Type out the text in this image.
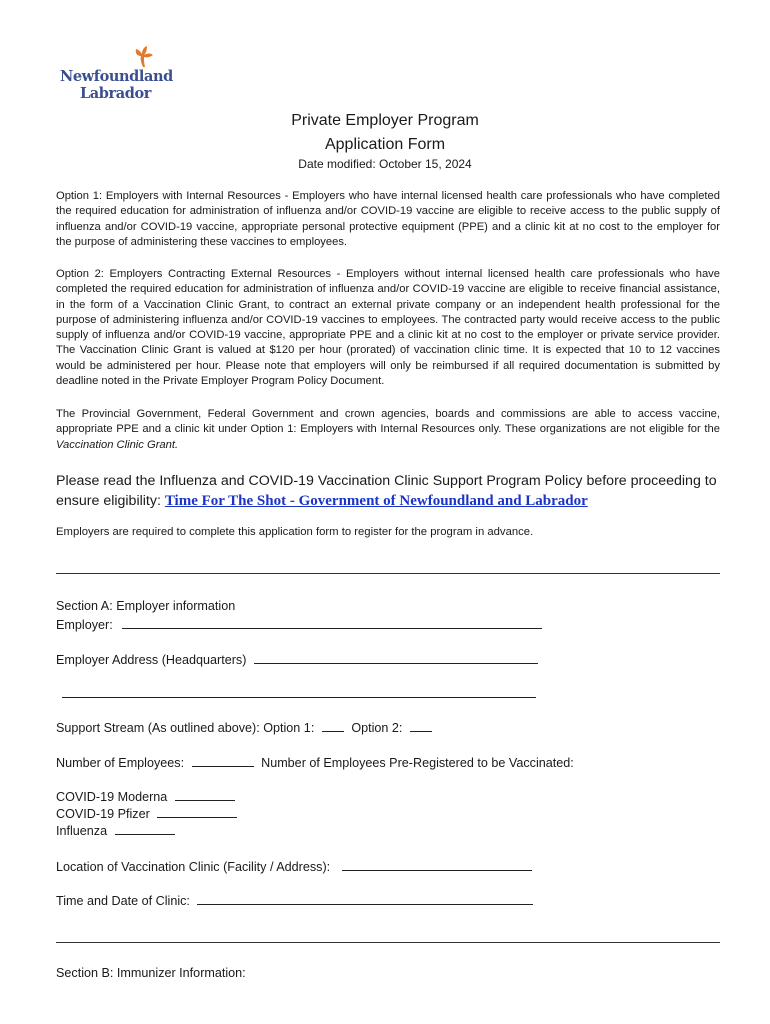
Newfoundland
Labrador
Private Employer Program
Application Form
Date modified: October 15, 2024

Option 1: Employers with Internal Resources - Employers who have internal licensed health care professionals who have completed the required education for administration of influenza and/or COVID-19 vaccine are eligible to receive access to the public supply of influenza and/or COVID-19 vaccine, appropriate personal protective equipment (PPE) and a clinic kit at no cost to the employer for the purpose of administering these vaccines to employees.

Option 2: Employers Contracting External Resources - Employers without internal licensed health care professionals who have completed the required education for administration of influenza and/or COVID-19 vaccine are eligible to receive financial assistance, in the form of a Vaccination Clinic Grant, to contract an external private company or an independent health professional for the purpose of administering influenza and/or COVID-19 vaccines to employees. The contracted party would receive access to the public supply of influenza and/or COVID-19 vaccine, appropriate PPE and a clinic kit at no cost to the employer or private service provider. The Vaccination Clinic Grant is valued at $120 per hour (prorated) of vaccination clinic time. It is expected that 10 to 12 vaccines would be administered per hour. Please note that employers will only be reimbursed if all required documentation is submitted by deadline noted in the Private Employer Program Policy Document.

The Provincial Government, Federal Government and crown agencies, boards and commissions are able to access vaccine, appropriate PPE and a clinic kit under Option 1: Employers with Internal Resources only. These organizations are not eligible for the Vaccination Clinic Grant.

Please read the Influenza and COVID-19 Vaccination Clinic Support Program Policy before proceeding to ensure eligibility: Time For The Shot - Government of Newfoundland and Labrador

Employers are required to complete this application form to register for the program in advance.
Section A: Employer information
Employer:
Employer Address (Headquarters)
Support Stream (As outlined above): Option 1:	Option 2:
Number of Employees:	Number of Employees Pre-Registered to be Vaccinated:
COVID-19 Moderna
COVID-19 Pfizer
Influenza
Location of Vaccination Clinic (Facility / Address):
Time and Date of Clinic:
Section B: Immunizer Information:
